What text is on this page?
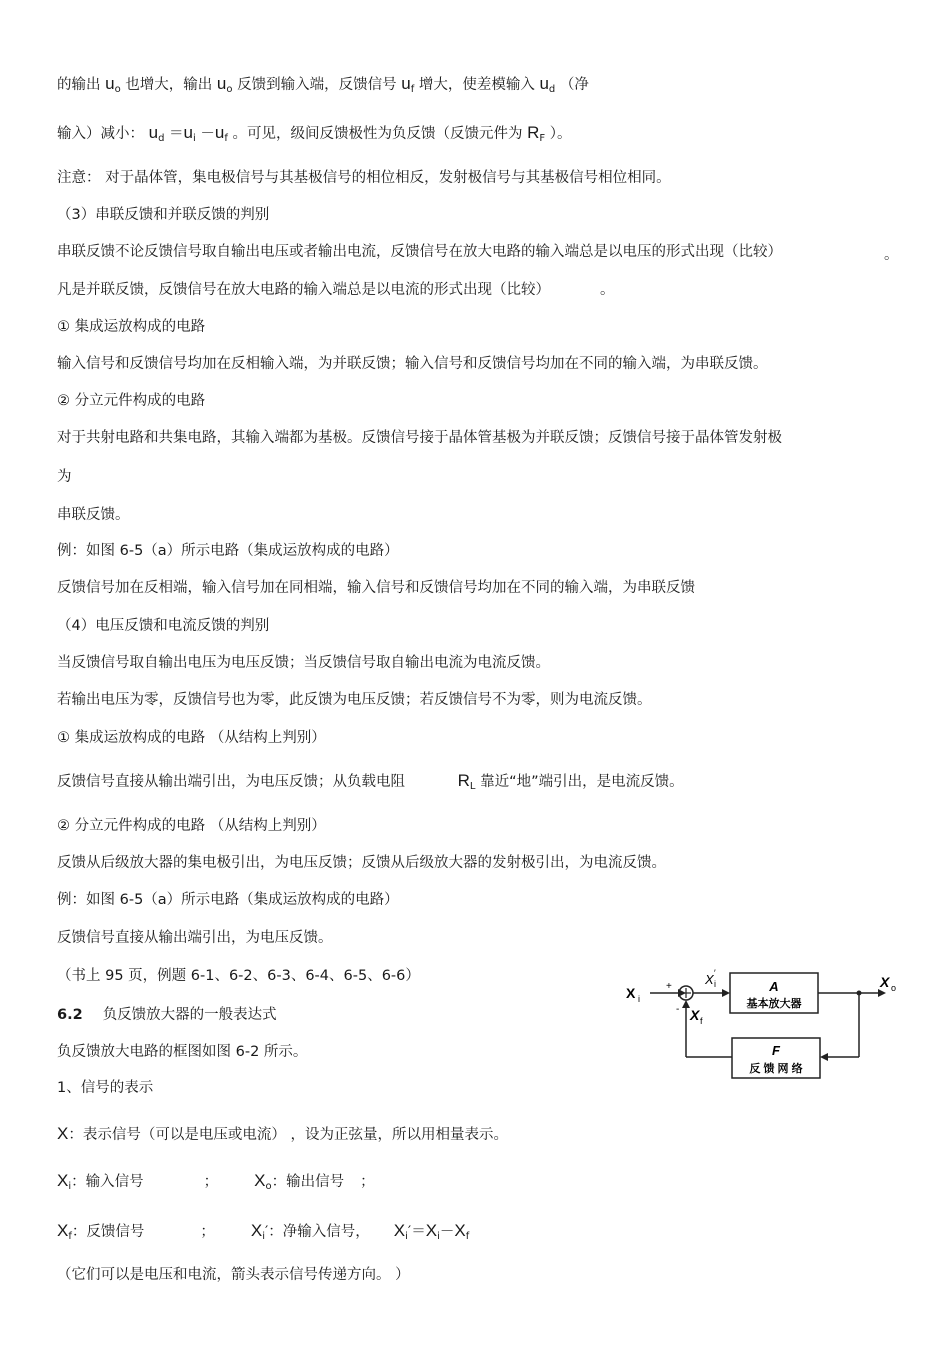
的输出 $u_o$ 也增大，输出 $u_o$ 反馈到输入端，反馈信号 $u_f$ 增大，使差模输入 $u_d$ （净
输入）减小： $u_d =u_i -u_f$ 。可见，级间反馈极性为负反馈（反馈元件为 $R_F$ ）。
注意： 对于晶体管，集电极信号与其基极信号的相位相反，发射极信号与其基极信号相位相同。
（3）串联反馈和并联反馈的判别
串联反馈不论反馈信号取自输出电压或者输出电流，反馈信号在放大电路的输入端总是以电压的形式出现（比较）	。
凡是并联反馈，反馈信号在放大电路的输入端总是以电流的形式出现（比较）	。
① 集成运放构成的电路
输入信号和反馈信号均加在反相输入端，为并联反馈；输入信号和反馈信号均加在不同的输入端，为串联反馈。
② 分立元件构成的电路
对于共射电路和共集电路，其输入端都为基极。反馈信号接于晶体管基极为并联反馈；反馈信号接于晶体管发射极
为
串联反馈。
例：如图 6-5（a）所示电路（集成运放构成的电路）
反馈信号加在反相端，输入信号加在同相端，输入信号和反馈信号均加在不同的输入端，为串联反馈
（4）电压反馈和电流反馈的判别
当反馈信号取自输出电压为电压反馈；当反馈信号取自输出电流为电流反馈。
若输出电压为零，反馈信号也为零，此反馈为电压反馈；若反馈信号不为零，则为电流反馈。
① 集成运放构成的电路 （从结构上判别）
反馈信号直接从输出端引出，为电压反馈；从负载电阻	$R_L$ 靠近“地”端引出，是电流反馈。
② 分立元件构成的电路 （从结构上判别）
反馈从后级放大器的集电极引出，为电压反馈；反馈从后级放大器的发射极引出，为电流反馈。
例：如图 6-5（a）所示电路（集成运放构成的电路）
反馈信号直接从输出端引出，为电压反馈。
（书上 95 页，例题 6-1、6-2、6-3、6-4、6-5、6-6）
6.2 负反馈放大器的一般表达式
负反馈放大电路的框图如图 6-2 所示。
1、信号的表示
X：表示信号（可以是电压或电流） ，设为正弦量，所以用相量表示。
$X_i$：输入信号	； $X_o$：输出信号 ；
$X_f$：反馈信号	； $X_i'$：净输入信号， $X_i'=X_i-X_f$
（它们可以是电压和电流，箭头表示信号传递方向。 ）
X i
+
-
X i
′
A
基本放大器
X o
F
反 馈 网 络
X f
